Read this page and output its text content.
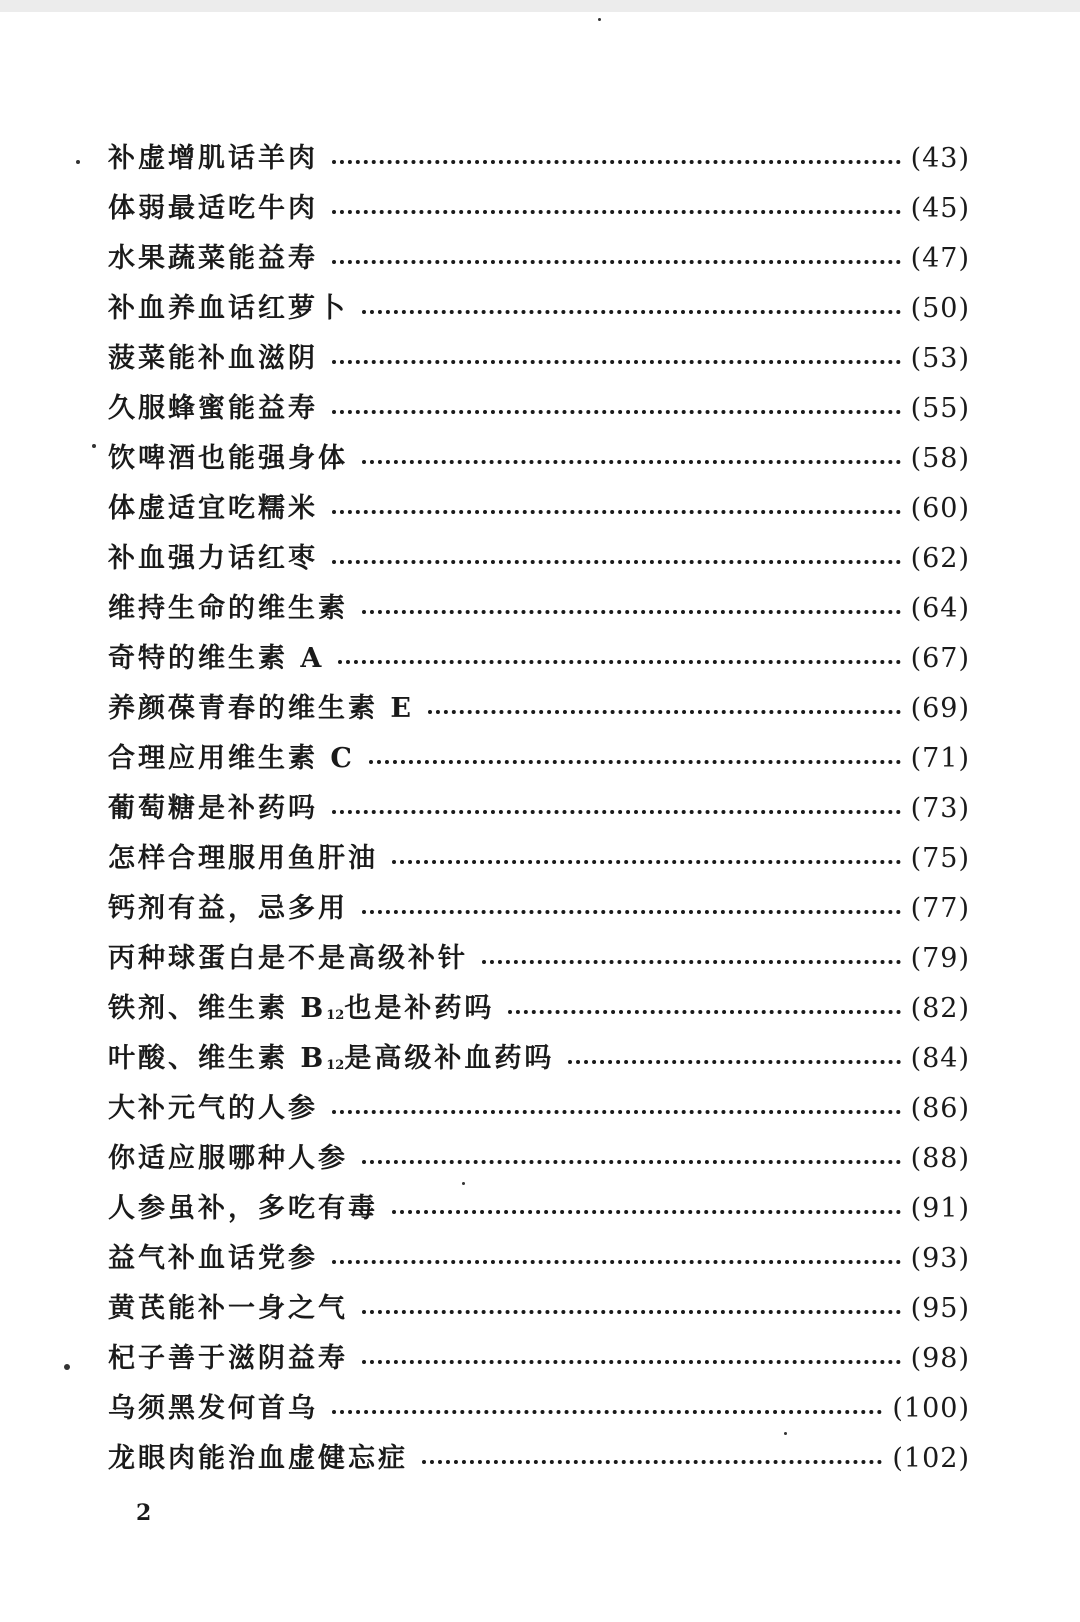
补虚增肌话羊肉	(43)
体弱最适吃牛肉	(45)
水果蔬菜能益寿	(47)
补血养血话红萝卜	(50)
菠菜能补血滋阴	(53)
久服蜂蜜能益寿	(55)
饮啤酒也能强身体	(58)
体虚适宜吃糯米	(60)
补血强力话红枣	(62)
维持生命的维生素	(64)
奇特的维生素 A	(67)
养颜葆青春的维生素 E	(69)
合理应用维生素 C	(71)
葡萄糖是补药吗	(73)
怎样合理服用鱼肝油	(75)
钙剂有益，忌多用	(77)
丙种球蛋白是不是高级补针	(79)
铁剂、维生素 $B_{12}$也是补药吗	(82)
叶酸、维生素 $B_{12}$是高级补血药吗	(84)
大补元气的人参	(86)
你适应服哪种人参	(88)
人参虽补，多吃有毒	(91)
益气补血话党参	(93)
黄芪能补一身之气	(95)
杞子善于滋阴益寿	(98)
乌须黑发何首乌	(100)
龙眼肉能治血虚健忘症	(102)
2
